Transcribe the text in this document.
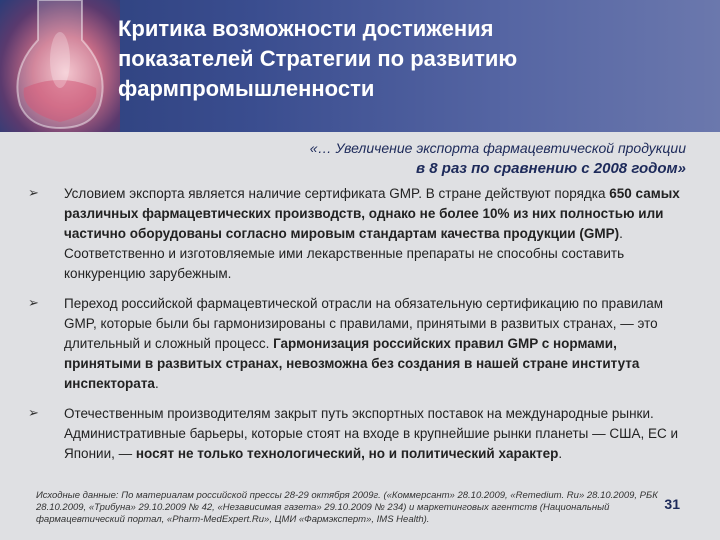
Критика возможности достижения
показателей Стратегии по развитию
фармпромышленности
«… Увеличение экспорта фармацевтической продукции
в 8 раз по сравнению с 2008 годом»
➢ Условием экспорта является наличие сертификата GMP. В стране действуют порядка 650 самых различных фармацевтических производств, однако не более 10% из них полностью или частично оборудованы согласно мировым стандартам качества продукции (GMP). Соответственно и изготовляемые ими лекарственные препараты не способны составить конкуренцию зарубежным.

➢ Переход российской фармацевтической отрасли на обязательную сертификацию по правилам GMP, которые были бы гармонизированы с правилами, принятыми в развитых странах, — это длительный и сложный процесс. Гармонизация российских правил GMP с нормами, принятыми в развитых странах, невозможна без создания в нашей стране института инспектората.

➢ Отечественным производителям закрыт путь экспортных поставок на международные рынки. Административные барьеры, которые стоят на входе в крупнейшие рынки планеты — США, ЕС и Японии, — носят не только технологический, но и политический характер.

Исходные данные: По материалам российской прессы 28-29 октября 2009г. («Коммерсант» 28.10.2009, «Remedium. Ru» 28.10.2009, РБК 28.10.2009, «Трибуна» 29.10.2009 № 42, «Независимая газета» 29.10.2009 № 234) и маркетинговых агентств (Национальный фармацевтический портал, «Pharm-MedExpert.Ru», ЦМИ «Фармэксперт», IMS Health).
31
